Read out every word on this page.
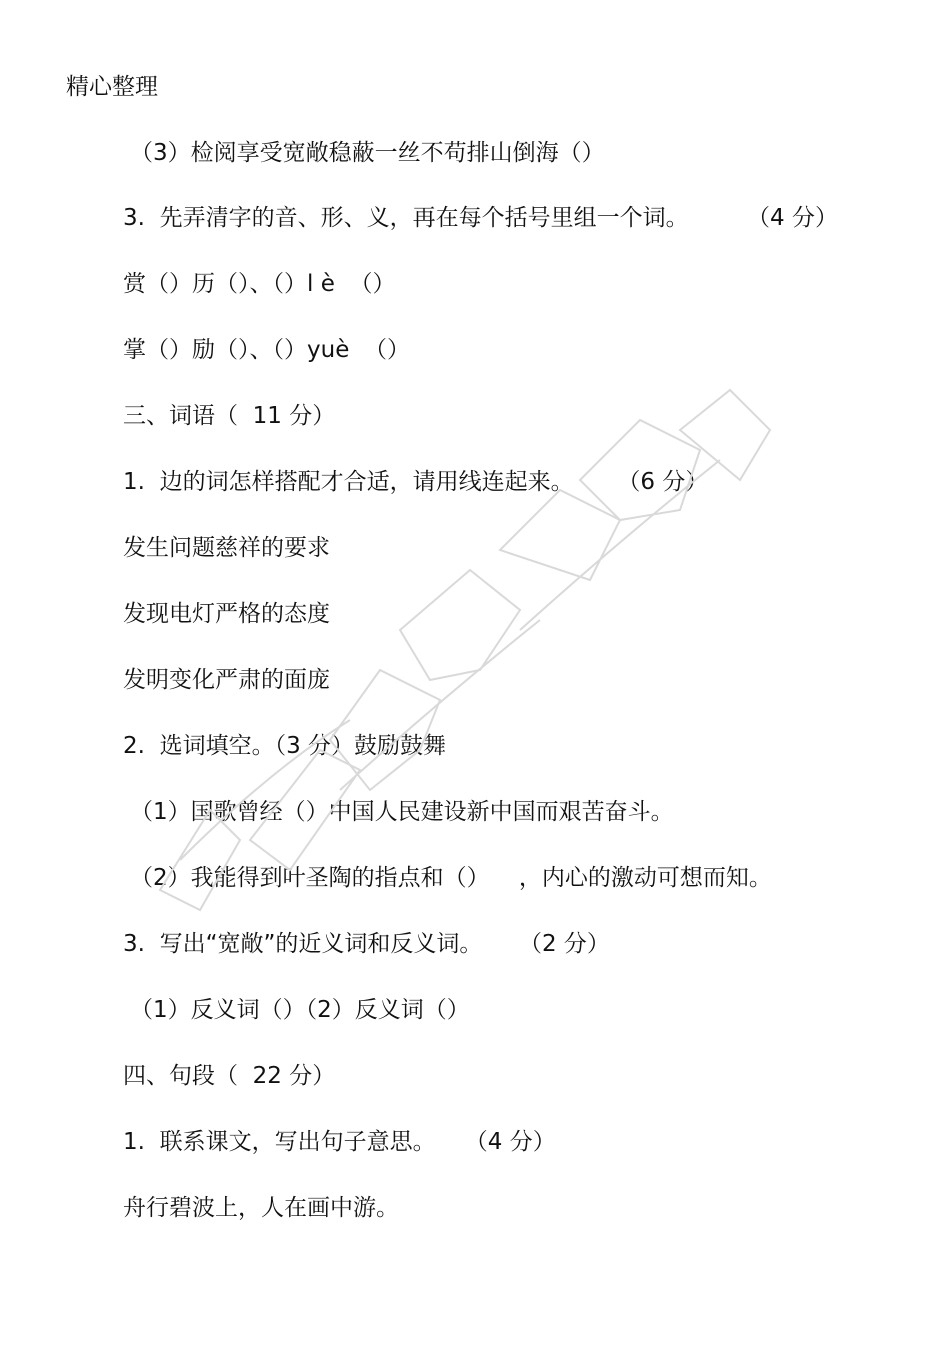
精心整理
（3）检阅享受宽敞稳蔽一丝不苟排山倒海（）
3.  先弄清字的音、形、义，再在每个括号里组一个词。        （4 分）
赏（）历（）、（）l è  （）
掌（）励（）、（）yuè  （）
三、词语（  11 分）
1.  边的词怎样搭配才合适，请用线连起来。      （6 分）
发生问题慈祥的要求
发现电灯严格的态度
发明变化严肃的面庞
2.  选词填空。（3 分）鼓励鼓舞
（1）国歌曾经（）中国人民建设新中国而艰苦奋斗。
（2）我能得到叶圣陶的指点和（）    ，内心的激动可想而知。
3.  写出“宽敞”的近义词和反义词。     （2 分）
（1）反义词（）（2）反义词（）
四、句段（  22 分）
1.  联系课文，写出句子意思。    （4 分）
舟行碧波上，人在画中游。
